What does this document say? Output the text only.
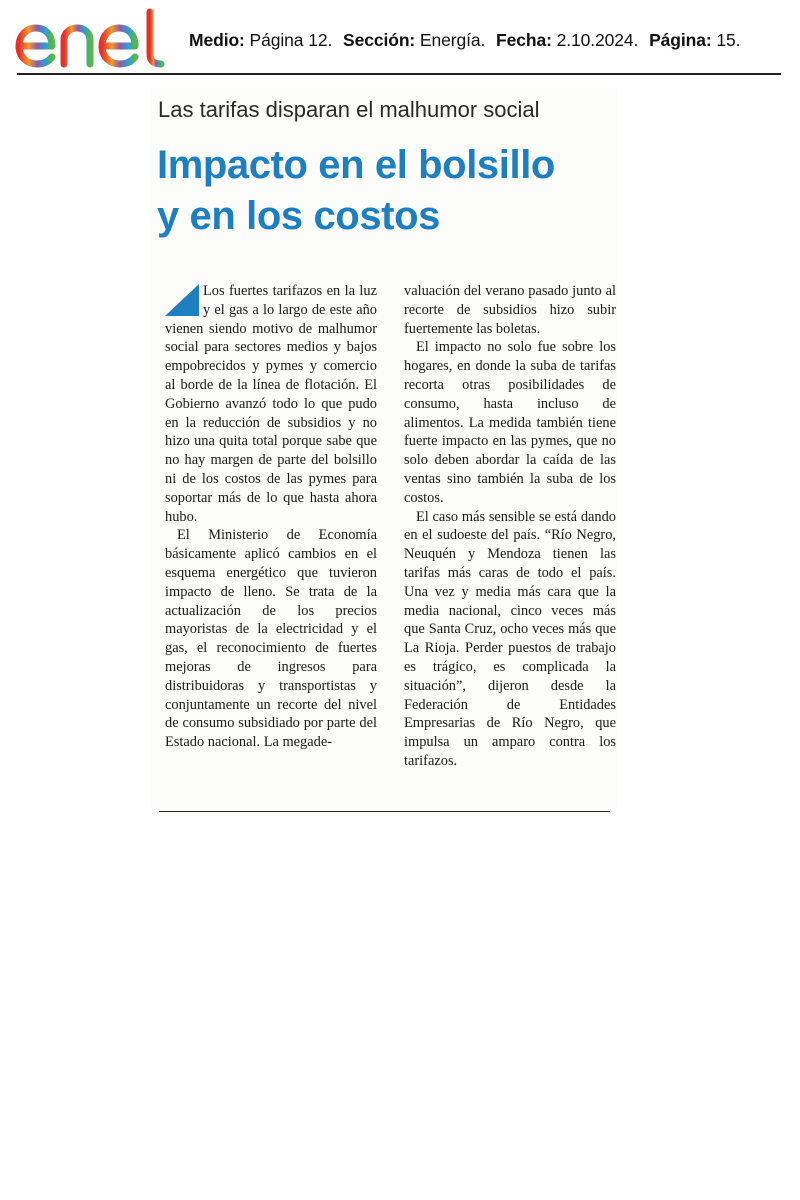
Medio: Página 12. Sección: Energía. Fecha: 2.10.2024. Página: 15.
Las tarifas disparan el malhumor social
Impacto en el bolsillo
y en los costos

Los fuertes tarifazos en la luz y el gas a lo largo de este año vienen siendo motivo de malhumor social para sectores medios y bajos empobrecidos y pymes y comercio al borde de la línea de flotación. El Gobierno avanzó todo lo que pudo en la reducción de subsidios y no hizo una quita total porque sabe que no hay margen de parte del bolsillo ni de los costos de las pymes para soportar más de lo que hasta ahora hubo.

El Ministerio de Economía básicamente aplicó cambios en el esquema energético que tuvieron impacto de lleno. Se trata de la actualización de los precios mayoristas de la electricidad y el gas, el reconocimiento de fuertes mejoras de ingresos para distribuidoras y transportistas y conjuntamente un recorte del nivel de consumo subsidiado por parte del Estado nacional. La megade-

valuación del verano pasado junto al recorte de subsidios hizo subir fuertemente las boletas.

El impacto no solo fue sobre los hogares, en donde la suba de tarifas recorta otras posibilidades de consumo, hasta incluso de alimentos. La medida también tiene fuerte impacto en las pymes, que no solo deben abordar la caída de las ventas sino también la suba de los costos.

El caso más sensible se está dando en el sudoeste del país. “Río Negro, Neuquén y Mendoza tienen las tarifas más caras de todo el país. Una vez y media más cara que la media nacional, cinco veces más que Santa Cruz, ocho veces más que La Rioja. Perder puestos de trabajo es trágico, es complicada la situación”, dijeron desde la Federación de Entidades Empresarias de Río Negro, que impulsa un amparo contra los tarifazos.
